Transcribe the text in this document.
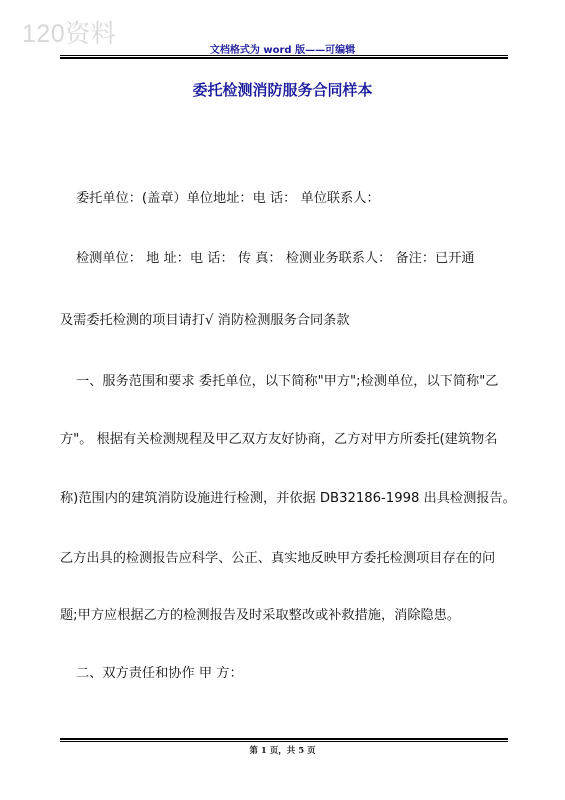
120资料
文档格式为 word 版——可编辑
委托检测消防服务合同样本
委托单位：(盖章）单位地址：电 话： 单位联系人：
检测单位： 地 址：电 话： 传 真： 检测业务联系人： 备注：已开通
及需委托检测的项目请打√ 消防检测服务合同条款
一、服务范围和要求 委托单位，以下简称"甲方";检测单位，以下简称"乙
方"。 根据有关检测规程及甲乙双方友好协商，乙方对甲方所委托(建筑物名
称)范围内的建筑消防设施进行检测，并依据 DB32186-1998 出具检测报告。
乙方出具的检测报告应科学、公正、真实地反映甲方委托检测项目存在的问
题;甲方应根据乙方的检测报告及时采取整改或补救措施，消除隐患。
二、双方责任和协作 甲 方：
第 1 页，共 5 页
